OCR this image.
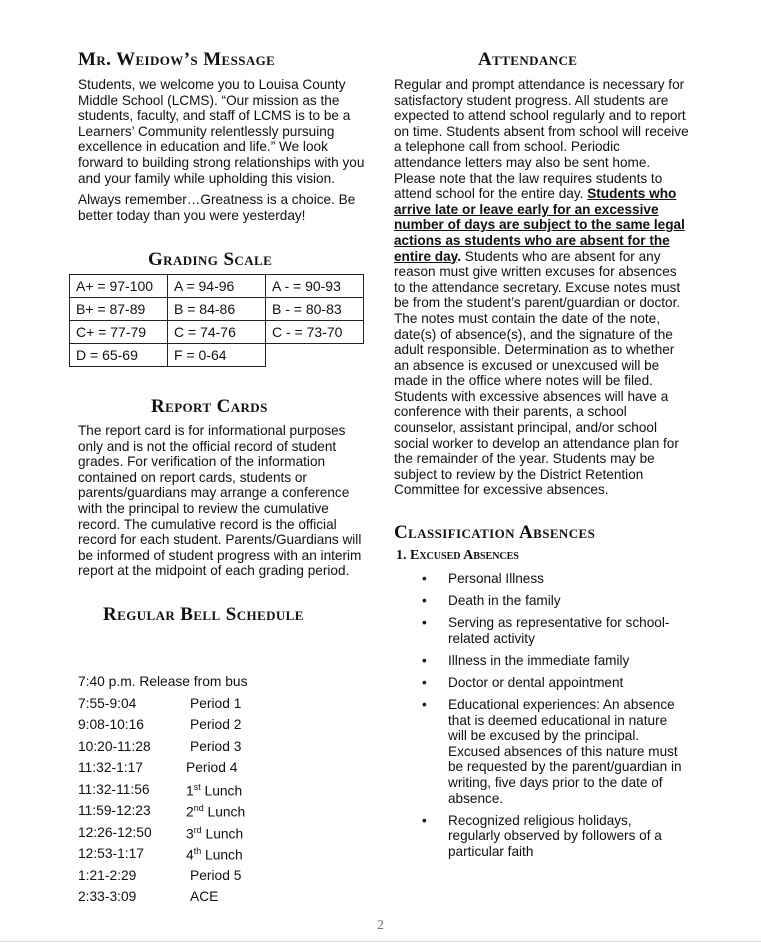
Mr. Weidow’s Message

Students, we welcome you to Louisa County Middle School (LCMS). “Our mission as the students, faculty, and staff of LCMS is to be a Learners’ Community relentlessly pursuing excellence in education and life.” We look forward to building strong relationships with you and your family while upholding this vision.

Always remember…Greatness is a choice. Be better today than you were yesterday!

Grading Scale
A+ = 97-100	A = 94-96	A - = 90-93
B+ = 87-89	B = 84-86	B - = 80-83
C+ = 77-79	C = 74-76	C - = 73-70
D = 65-69	F = 0-64	
Report Cards

The report card is for informational purposes only and is not the official record of student grades. For verification of the information contained on report cards, students or parents/guardians may arrange a conference with the principal to review the cumulative record. The cumulative record is the official record for each student. Parents/Guardians will be informed of student progress with an interim report at the midpoint of each grading period.

Regular Bell Schedule
7:40 p.m. Release from bus
7:55-9:04	Period 1
9:08-10:16	Period 2
10:20-11:28	Period 3
11:32-1:17	Period 4
11:32-11:56	1st Lunch
11:59-12:23	2nd Lunch
12:26-12:50 3rd Lunch
12:53-1:17	4th Lunch
1:21-2:29	Period 5
2:33-3:09	ACE
Attendance

Regular and prompt attendance is necessary for satisfactory student progress. All students are expected to attend school regularly and to report on time. Students absent from school will receive a telephone call from school. Periodic attendance letters may also be sent home. Please note that the law requires students to attend school for the entire day. Students who arrive late or leave early for an excessive number of days are subject to the same legal actions as students who are absent for the entire day. Students who are absent for any reason must give written excuses for absences to the attendance secretary. Excuse notes must be from the student’s parent/guardian or doctor. The notes must contain the date of the note, date(s) of absence(s), and the signature of the adult responsible. Determination as to whether an absence is excused or unexcused will be made in the office where notes will be filed. Students with excessive absences will have a conference with their parents, a school counselor, assistant principal, and/or school social worker to develop an attendance plan for the remainder of the year. Students may be subject to review by the District Retention Committee for excessive absences.

Classification Absences
1. Excused Absences
• Personal Illness
• Death in the family
• Serving as representative for school-related activity
• Illness in the immediate family
• Doctor or dental appointment
• Educational experiences: An absence that is deemed educational in nature will be excused by the principal. Excused absences of this nature must be requested by the parent/guardian in writing, five days prior to the date of absence.
• Recognized religious holidays, regularly observed by followers of a particular faith
2
